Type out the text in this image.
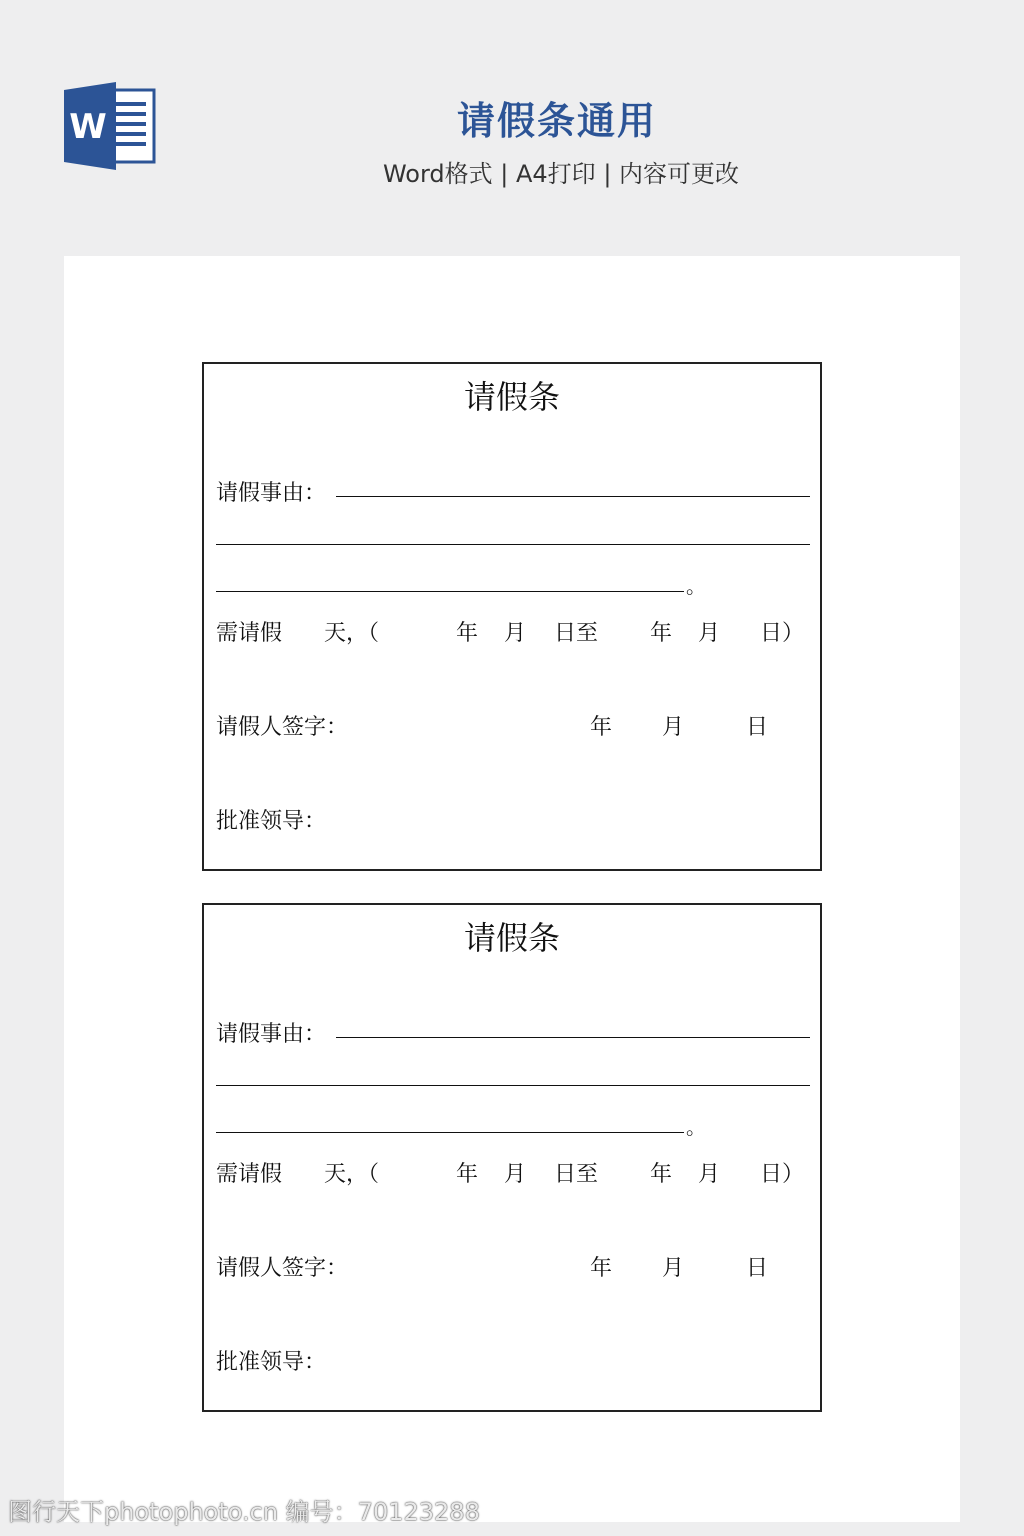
W	请假条通用
Word格式 | A4打印 | 内容可更改
请假条
请假事由：
。
需请假 天，（	年 月 日至 年 月 日）
请假人签字：	年 月	日
批准领导：
请假条
请假事由：
。
需请假 天，（	年 月 日至 年 月 日）
请假人签字：	年 月	日
批准领导：
图行天下photophoto.cn 编号：70123288
